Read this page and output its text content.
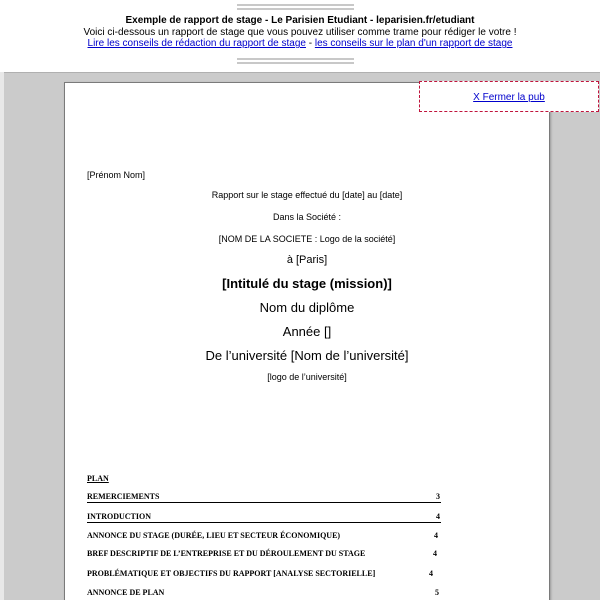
Exemple de rapport de stage - Le Parisien Etudiant - leparisien.fr/etudiant
Voici ci-dessous un rapport de stage que vous pouvez utiliser comme trame pour rédiger le votre !
Lire les conseils de rédaction du rapport de stage - les conseils sur le plan d'un rapport de stage
X Fermer la pub
[Prénom Nom]
Rapport sur le stage effectué du [date] au [date]
Dans la Société :
[NOM DE LA SOCIETE : Logo de la société]
à [Paris]
[Intitulé du stage (mission)]
Nom du diplôme
Année []
De l’université [Nom de l’université]
[logo de l’université]
PLAN
REMERCIEMENTS	3
INTRODUCTION	4
ANNONCE DU STAGE (DURÉE, LIEU ET SECTEUR ÉCONOMIQUE)	4
BREF DESCRIPTIF DE L’ENTREPRISE ET DU DÉROULEMENT DU STAGE	4
PROBLÉMATIQUE ET OBJECTIFS DU RAPPORT [ANALYSE SECTORIELLE]	4
ANNONCE DE PLAN	5
